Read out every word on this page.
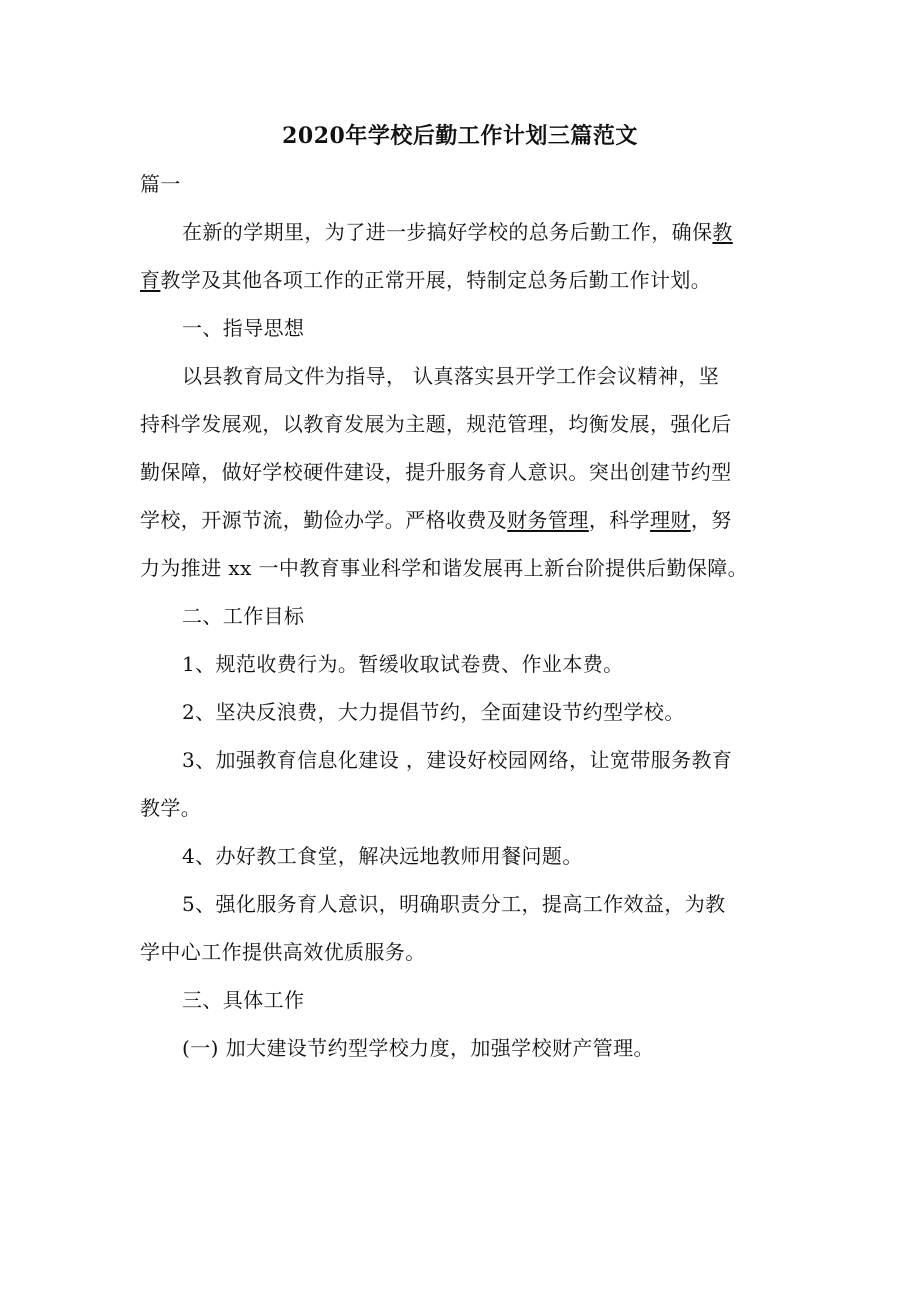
2020年学校后勤工作计划三篇范文
篇一
在新的学期里，为了进一步搞好学校的总务后勤工作，确保教
育教学及其他各项工作的正常开展，特制定总务后勤工作计划。
一、指导思想
以县教育局文件为指导， 认真落实县开学工作会议精神，坚
持科学发展观，以教育发展为主题，规范管理，均衡发展，强化后
勤保障，做好学校硬件建设，提升服务育人意识。突出创建节约型
学校，开源节流，勤俭办学。严格收费及财务管理，科学理财，努
力为推进 xx 一中教育事业科学和谐发展再上新台阶提供后勤保障。
二、工作目标
1、规范收费行为。暂缓收取试卷费、作业本费。
2、坚决反浪费，大力提倡节约，全面建设节约型学校。
3、加强教育信息化建设 ，建设好校园网络，让宽带服务教育
教学。
4、办好教工食堂，解决远地教师用餐问题。
5、强化服务育人意识，明确职责分工，提高工作效益，为教
学中心工作提供高效优质服务。
三、具体工作
(一) 加大建设节约型学校力度，加强学校财产管理。
